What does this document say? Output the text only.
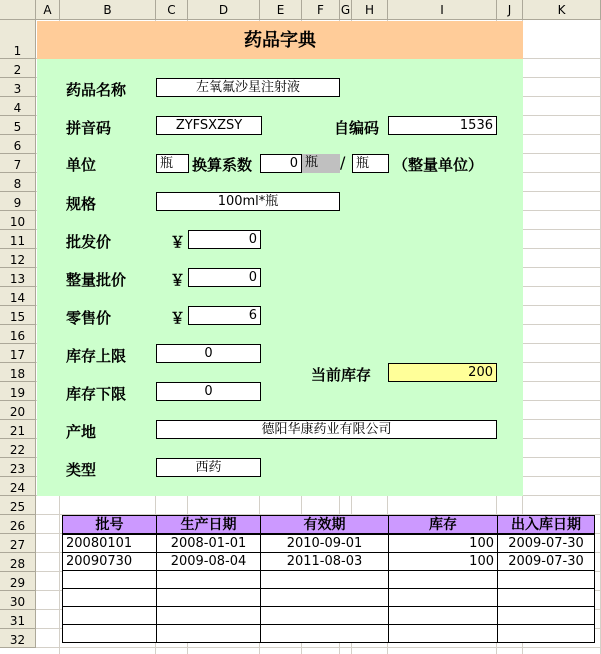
A	B	C	D	E	F	G	H	I	J	K
1
2
3
4
5
6
7
8
9
10
11
12
13
14
15
16
17
18
19
20
21
22
23
24
25
26
27
28
29
30
31
32
药品字典
药品名称	左氧氟沙星注射液
拼音码	ZYFSXZSY	自编码	1536
单位	瓶	换算系数	0 瓶	/ 瓶	（整量单位）
规格	100ml*瓶
批发价	￥	0
整量批价	￥	0
零售价	￥	6
库存上限	0
当前库存	200
库存下限	0
产地	德阳华康药业有限公司
类型	西药
批号	生产日期	有效期	库存	出入库日期
20080101	2008-01-01	2010-09-01	100	2009-07-30
20090730	2009-08-04	2011-08-03	100	2009-07-30
